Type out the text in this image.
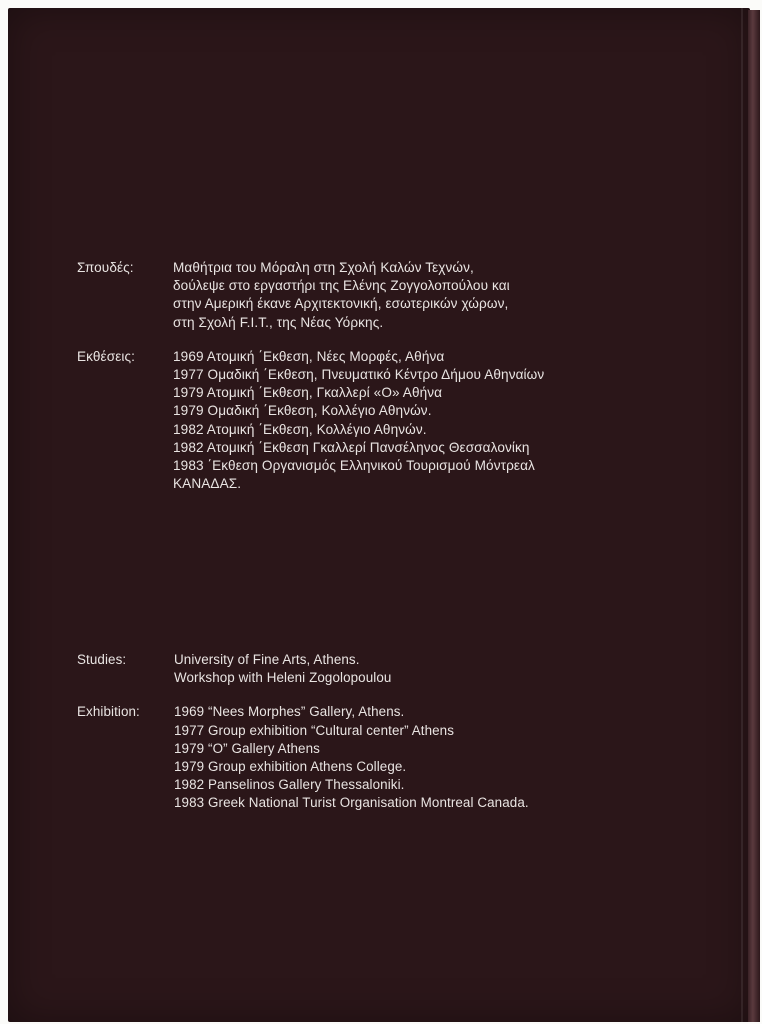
Σπουδές:	Μαθήτρια του Μόραλη στη Σχολή Καλών Τεχνών,
δούλεψε στο εργαστήρι της Ελένης Ζογγολοπούλου και
στην Αμερική έκανε Αρχιτεκτονική, εσωτερικών χώρων,
στη Σχολή F.I.T., της Νέας Υόρκης.
Εκθέσεις:	1969 Ατομική ΄Εκθεση, Νέες Μορφές, Αθήνα
1977 Ομαδική ΄Εκθεση, Πνευματικό Κέντρο Δήμου Αθηναίων
1979 Ατομική ΄Εκθεση, Γκαλλερί «Ο» Αθήνα
1979 Ομαδική ΄Εκθεση, Κολλέγιο Αθηνών.
1982 Ατομική ΄Εκθεση, Κολλέγιο Αθηνών.
1982 Ατομική ΄Εκθεση Γκαλλερί Πανσέληνος Θεσσαλονίκη
1983 ΄Εκθεση Οργανισμός Ελληνικού Τουρισμού Μόντρεαλ
ΚΑΝΑΔΑΣ.
Studies:	University of Fine Arts, Athens.
Workshop with Heleni Zogolopoulou
Exhibition:	1969 “Nees Morphes” Gallery, Athens.
1977 Group exhibition “Cultural center” Athens
1979 “O” Gallery Athens
1979 Group exhibition Athens College.
1982 Panselinos Gallery Thessaloniki.
1983 Greek National Turist Organisation Montreal Canada.
